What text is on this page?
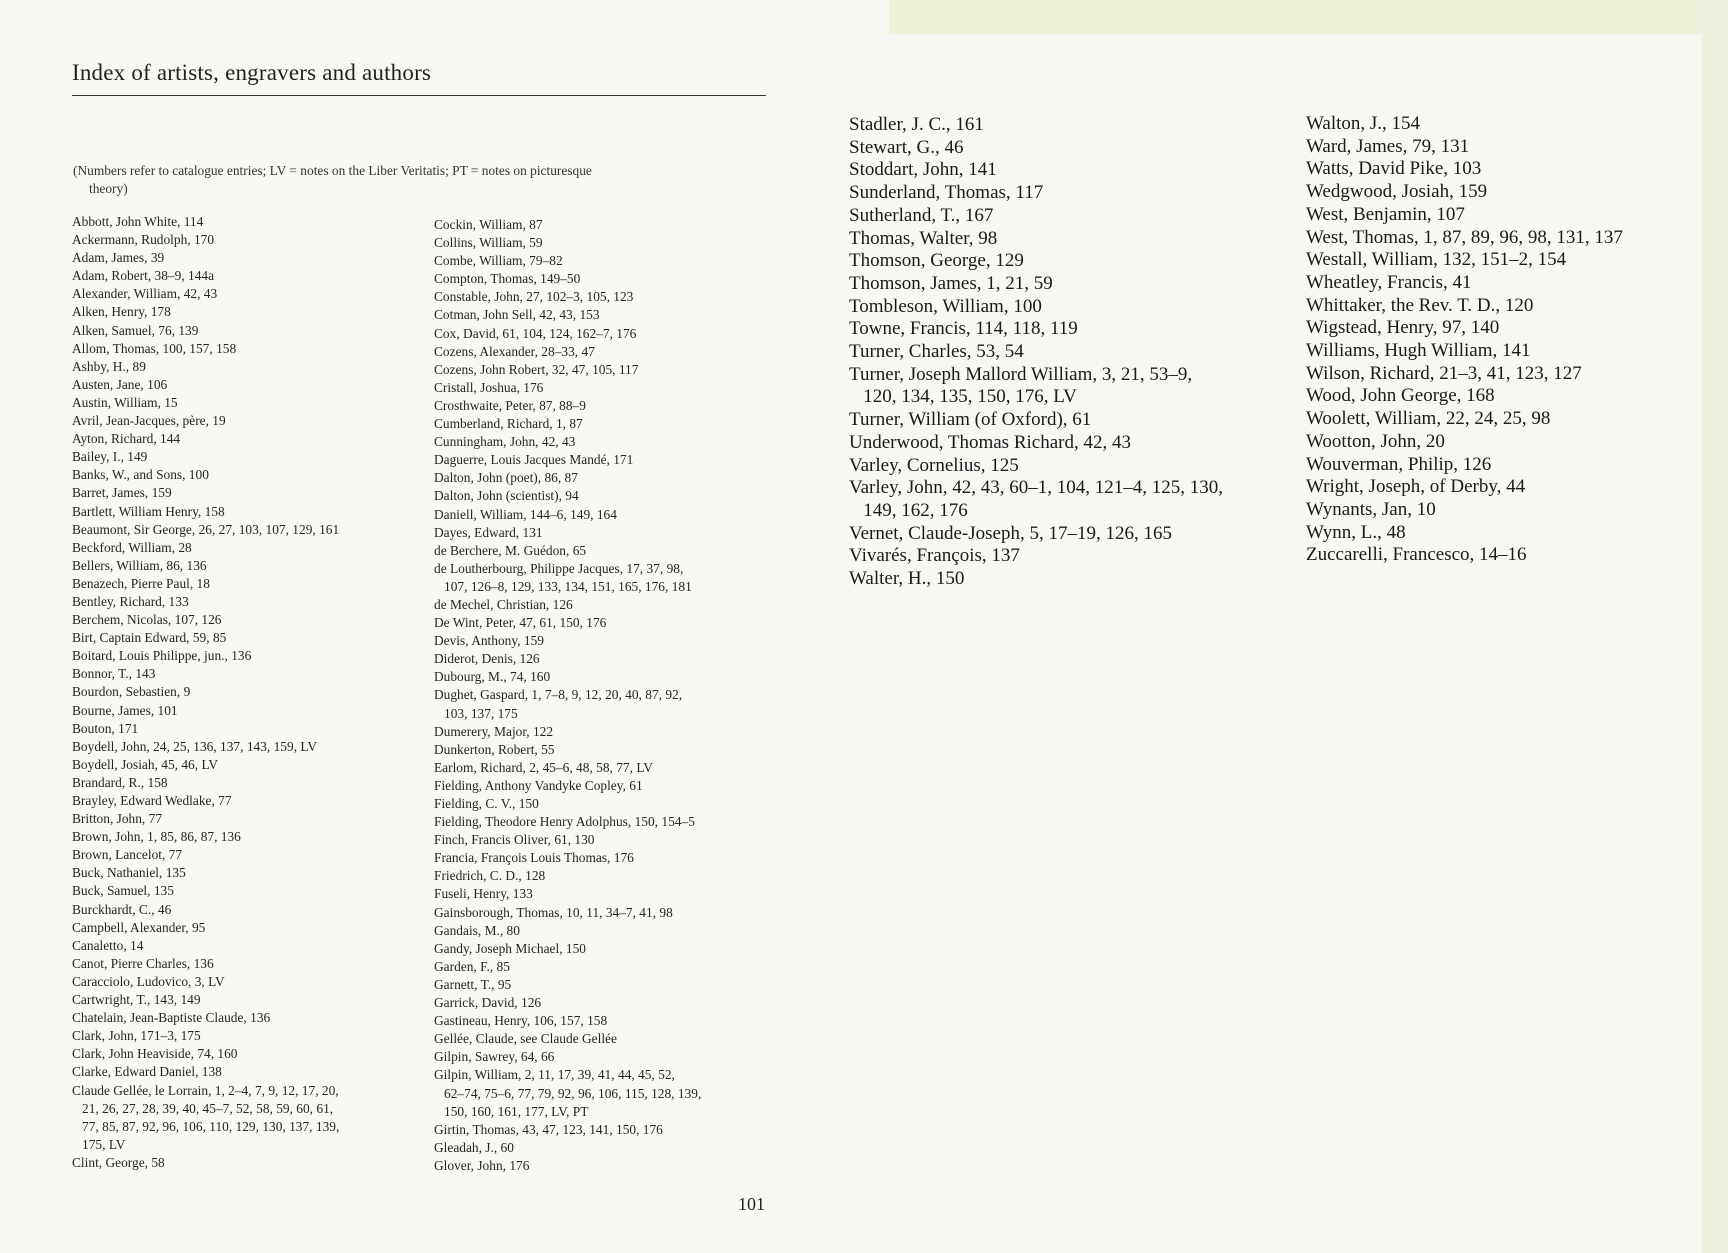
Index of artists, engravers and authors
(Numbers refer to catalogue entries; LV = notes on the Liber Veritatis; PT = notes on picturesque
theory)
Abbott, John White, 114
Ackermann, Rudolph, 170
Adam, James, 39
Adam, Robert, 38–9, 144a
Alexander, William, 42, 43
Alken, Henry, 178
Alken, Samuel, 76, 139
Allom, Thomas, 100, 157, 158
Ashby, H., 89
Austen, Jane, 106
Austin, William, 15
Avril, Jean-Jacques, père, 19
Ayton, Richard, 144
Bailey, I., 149
Banks, W., and Sons, 100
Barret, James, 159
Bartlett, William Henry, 158
Beaumont, Sir George, 26, 27, 103, 107, 129, 161
Beckford, William, 28
Bellers, William, 86, 136
Benazech, Pierre Paul, 18
Bentley, Richard, 133
Berchem, Nicolas, 107, 126
Birt, Captain Edward, 59, 85
Boitard, Louis Philippe, jun., 136
Bonnor, T., 143
Bourdon, Sebastien, 9
Bourne, James, 101
Bouton, 171
Boydell, John, 24, 25, 136, 137, 143, 159, LV
Boydell, Josiah, 45, 46, LV
Brandard, R., 158
Brayley, Edward Wedlake, 77
Britton, John, 77
Brown, John, 1, 85, 86, 87, 136
Brown, Lancelot, 77
Buck, Nathaniel, 135
Buck, Samuel, 135
Burckhardt, C., 46
Campbell, Alexander, 95
Canaletto, 14
Canot, Pierre Charles, 136
Caracciolo, Ludovico, 3, LV
Cartwright, T., 143, 149
Chatelain, Jean-Baptiste Claude, 136
Clark, John, 171–3, 175
Clark, John Heaviside, 74, 160
Clarke, Edward Daniel, 138
Claude Gellée, le Lorrain, 1, 2–4, 7, 9, 12, 17, 20,
21, 26, 27, 28, 39, 40, 45–7, 52, 58, 59, 60, 61,
77, 85, 87, 92, 96, 106, 110, 129, 130, 137, 139,
175, LV
Clint, George, 58
Cockin, William, 87
Collins, William, 59
Combe, William, 79–82
Compton, Thomas, 149–50
Constable, John, 27, 102–3, 105, 123
Cotman, John Sell, 42, 43, 153
Cox, David, 61, 104, 124, 162–7, 176
Cozens, Alexander, 28–33, 47
Cozens, John Robert, 32, 47, 105, 117
Cristall, Joshua, 176
Crosthwaite, Peter, 87, 88–9
Cumberland, Richard, 1, 87
Cunningham, John, 42, 43
Daguerre, Louis Jacques Mandé, 171
Dalton, John (poet), 86, 87
Dalton, John (scientist), 94
Daniell, William, 144–6, 149, 164
Dayes, Edward, 131
de Berchere, M. Guédon, 65
de Loutherbourg, Philippe Jacques, 17, 37, 98,
107, 126–8, 129, 133, 134, 151, 165, 176, 181
de Mechel, Christian, 126
De Wint, Peter, 47, 61, 150, 176
Devis, Anthony, 159
Diderot, Denis, 126
Dubourg, M., 74, 160
Dughet, Gaspard, 1, 7–8, 9, 12, 20, 40, 87, 92,
103, 137, 175
Dumerery, Major, 122
Dunkerton, Robert, 55
Earlom, Richard, 2, 45–6, 48, 58, 77, LV
Fielding, Anthony Vandyke Copley, 61
Fielding, C. V., 150
Fielding, Theodore Henry Adolphus, 150, 154–5
Finch, Francis Oliver, 61, 130
Francia, François Louis Thomas, 176
Friedrich, C. D., 128
Fuseli, Henry, 133
Gainsborough, Thomas, 10, 11, 34–7, 41, 98
Gandais, M., 80
Gandy, Joseph Michael, 150
Garden, F., 85
Garnett, T., 95
Garrick, David, 126
Gastineau, Henry, 106, 157, 158
Gellée, Claude, see Claude Gellée
Gilpin, Sawrey, 64, 66
Gilpin, William, 2, 11, 17, 39, 41, 44, 45, 52,
62–74, 75–6, 77, 79, 92, 96, 106, 115, 128, 139,
150, 160, 161, 177, LV, PT
Girtin, Thomas, 43, 47, 123, 141, 150, 176
Gleadah, J., 60
Glover, John, 176
Stadler, J. C., 161
Stewart, G., 46
Stoddart, John, 141
Sunderland, Thomas, 117
Sutherland, T., 167
Thomas, Walter, 98
Thomson, George, 129
Thomson, James, 1, 21, 59
Tombleson, William, 100
Towne, Francis, 114, 118, 119
Turner, Charles, 53, 54
Turner, Joseph Mallord William, 3, 21, 53–9,
120, 134, 135, 150, 176, LV
Turner, William (of Oxford), 61
Underwood, Thomas Richard, 42, 43
Varley, Cornelius, 125
Varley, John, 42, 43, 60–1, 104, 121–4, 125, 130,
149, 162, 176
Vernet, Claude-Joseph, 5, 17–19, 126, 165
Vivarés, François, 137
Walter, H., 150
Walton, J., 154
Ward, James, 79, 131
Watts, David Pike, 103
Wedgwood, Josiah, 159
West, Benjamin, 107
West, Thomas, 1, 87, 89, 96, 98, 131, 137
Westall, William, 132, 151–2, 154
Wheatley, Francis, 41
Whittaker, the Rev. T. D., 120
Wigstead, Henry, 97, 140
Williams, Hugh William, 141
Wilson, Richard, 21–3, 41, 123, 127
Wood, John George, 168
Woolett, William, 22, 24, 25, 98
Wootton, John, 20
Wouverman, Philip, 126
Wright, Joseph, of Derby, 44
Wynants, Jan, 10
Wynn, L., 48
Zuccarelli, Francesco, 14–16
101
